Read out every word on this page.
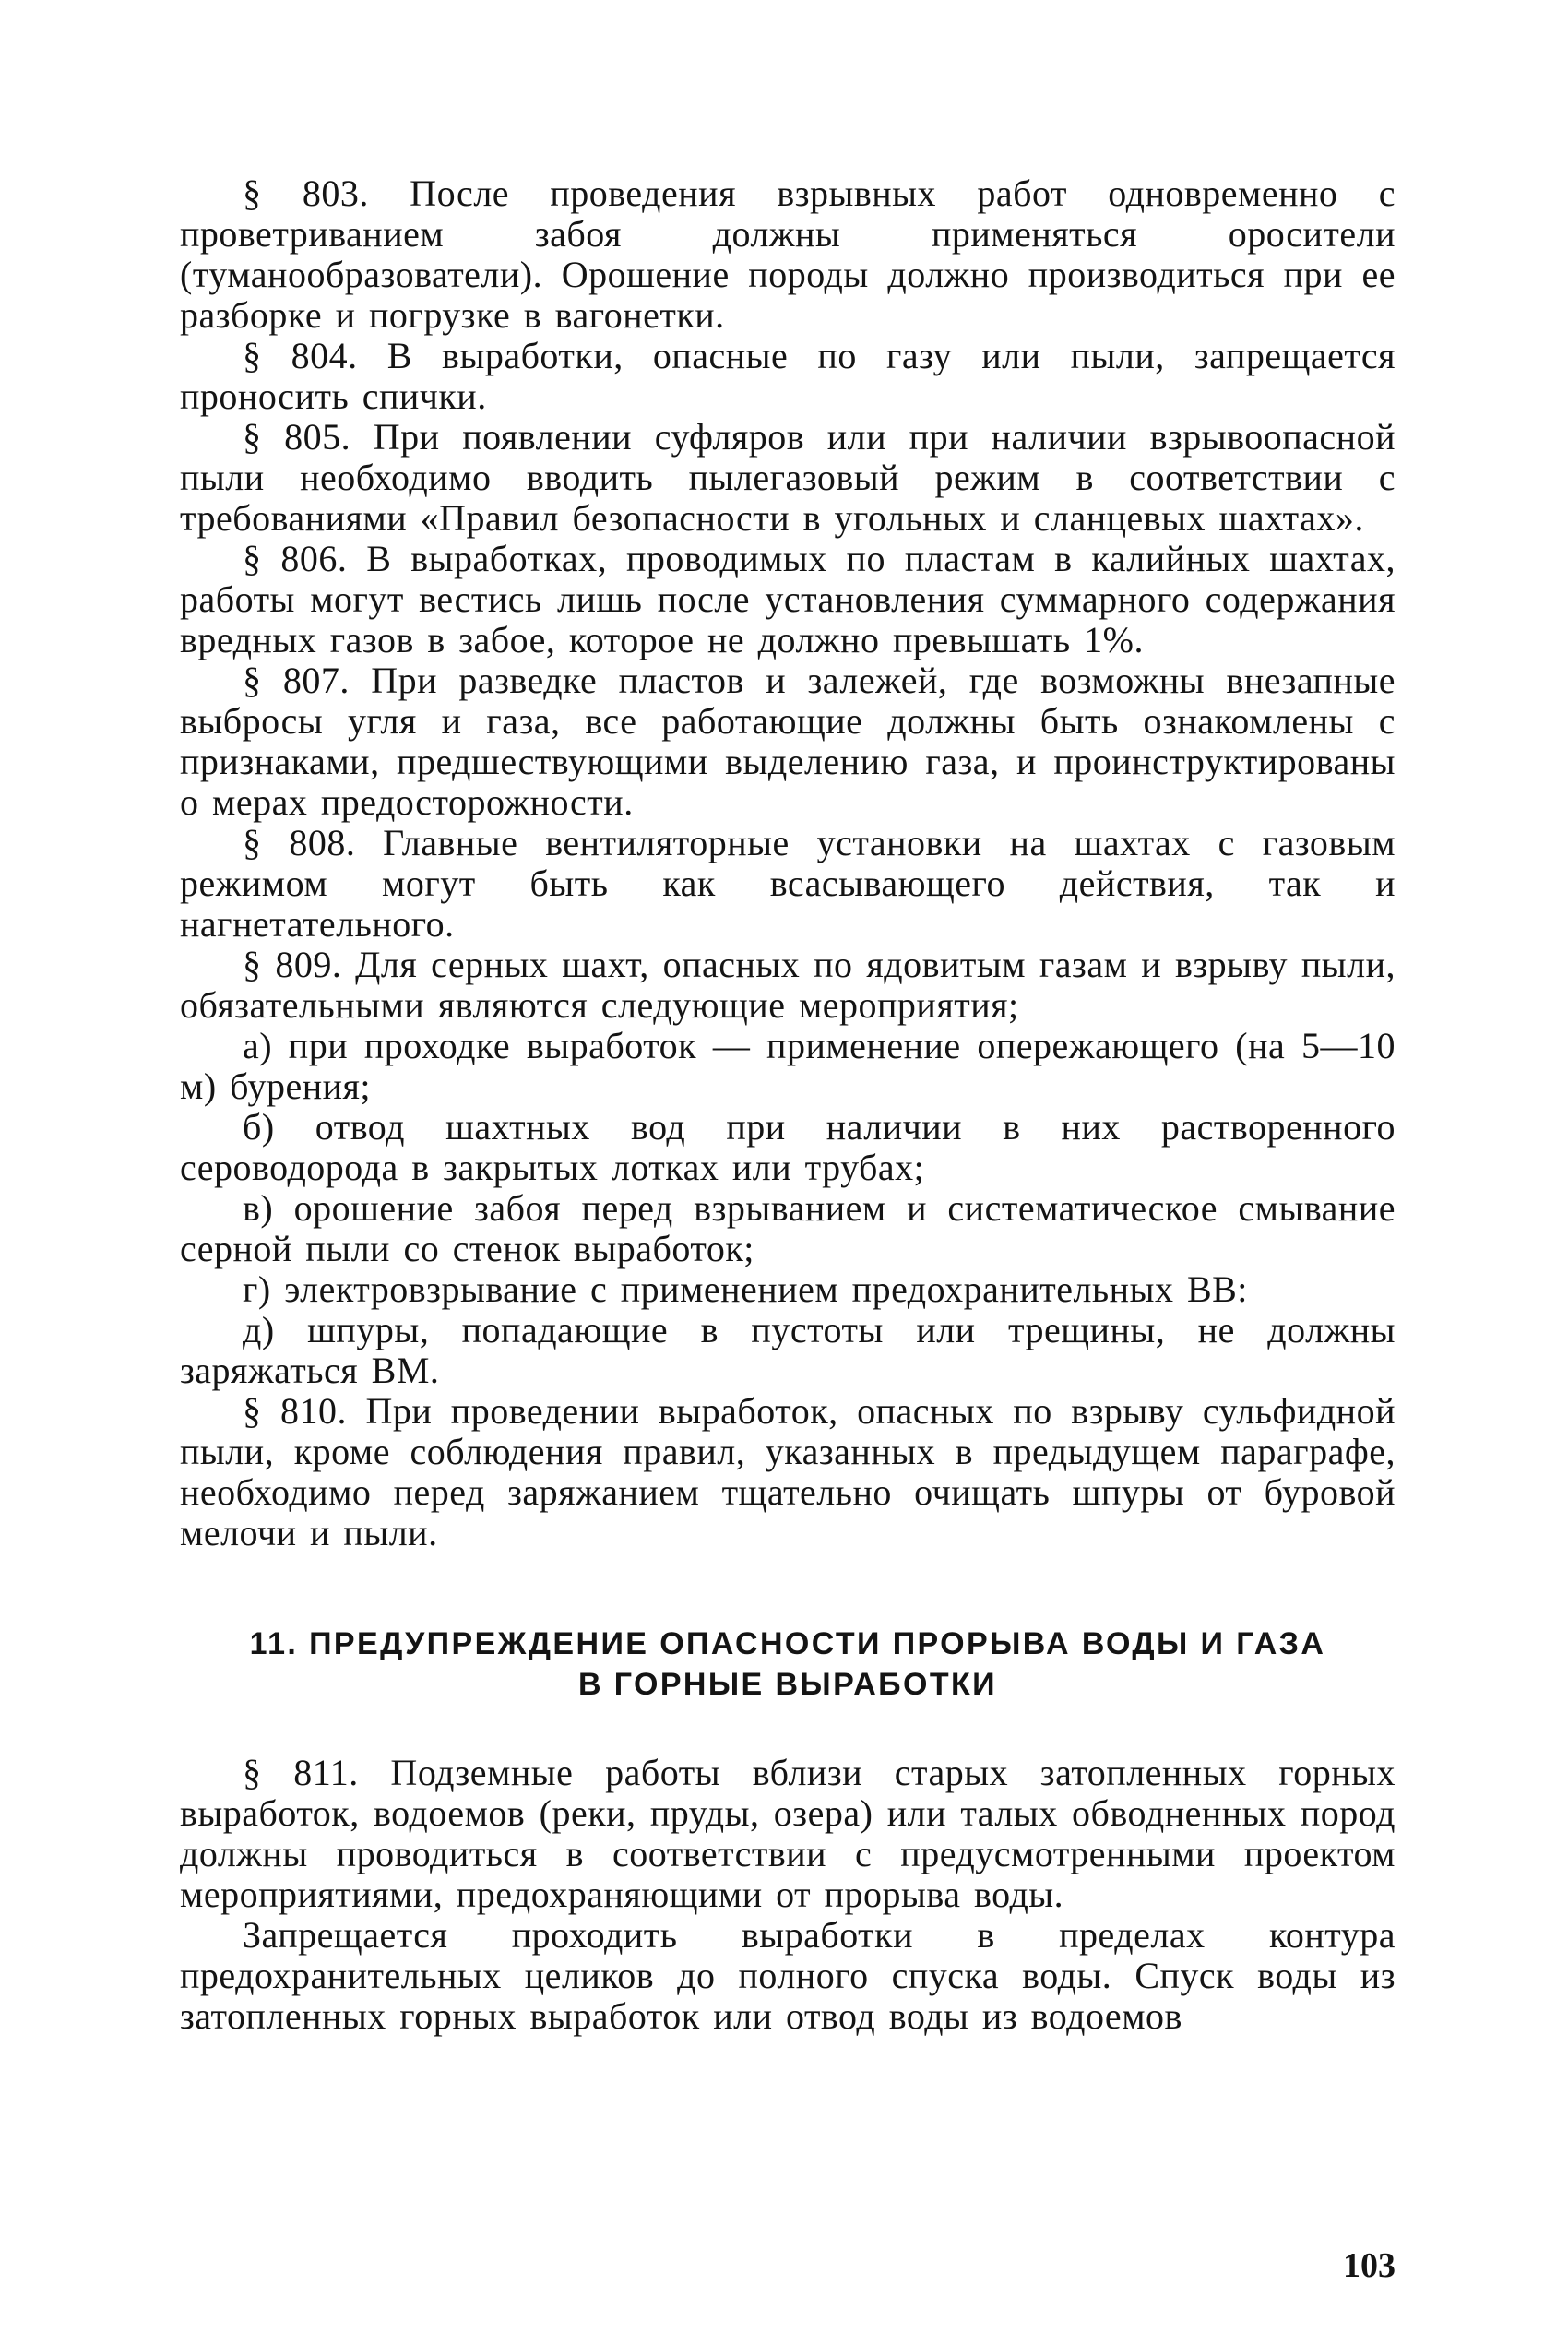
§ 803. После проведения взрывных работ одновременно с проветриванием забоя должны применяться оросители (туманообразователи). Орошение породы должно производиться при ее разборке и погрузке в вагонетки.

§ 804. В выработки, опасные по газу или пыли, запрещается проносить спички.

§ 805. При появлении суфляров или при наличии взрывоопасной пыли необходимо вводить пылегазовый режим в соответствии с требованиями «Правил безопасности в угольных и сланцевых шахтах».

§ 806. В выработках, проводимых по пластам в калийных шахтах, работы могут вестись лишь после установления суммарного содержания вредных газов в забое, которое не должно превышать 1%.

§ 807. При разведке пластов и залежей, где возможны внезапные выбросы угля и газа, все работающие должны быть ознакомлены с признаками, предшествующими выделению газа, и проинструктированы о мерах предосторожности.

§ 808. Главные вентиляторные установки на шахтах с газовым режимом могут быть как всасывающего действия, так и нагнетательного.

§ 809. Для серных шахт, опасных по ядовитым газам и взрыву пыли, обязательными являются следующие мероприятия;

а) при проходке выработок — применение опережающего (на 5—10 м) бурения;

б) отвод шахтных вод при наличии в них растворенного сероводорода в закрытых лотках или трубах;

в) орошение забоя перед взрыванием и систематическое смывание серной пыли со стенок выработок;

г) электровзрывание с применением предохранительных ВВ:

д) шпуры, попадающие в пустоты или трещины, не должны заряжаться ВМ.

§ 810. При проведении выработок, опасных по взрыву сульфидной пыли, кроме соблюдения правил, указанных в предыдущем параграфе, необходимо перед заряжанием тщательно очищать шпуры от буровой мелочи и пыли.

11. ПРЕДУПРЕЖДЕНИЕ ОПАСНОСТИ ПРОРЫВА ВОДЫ И ГАЗА
В ГОРНЫЕ ВЫРАБОТКИ

§ 811. Подземные работы вблизи старых затопленных горных выработок, водоемов (реки, пруды, озера) или талых обводненных пород должны проводиться в соответствии с предусмотренными проектом мероприятиями, предохраняющими от прорыва воды.

Запрещается проходить выработки в пределах контура предохранительных целиков до полного спуска воды. Спуск воды из затопленных горных выработок или отвод воды из водоемов

103
